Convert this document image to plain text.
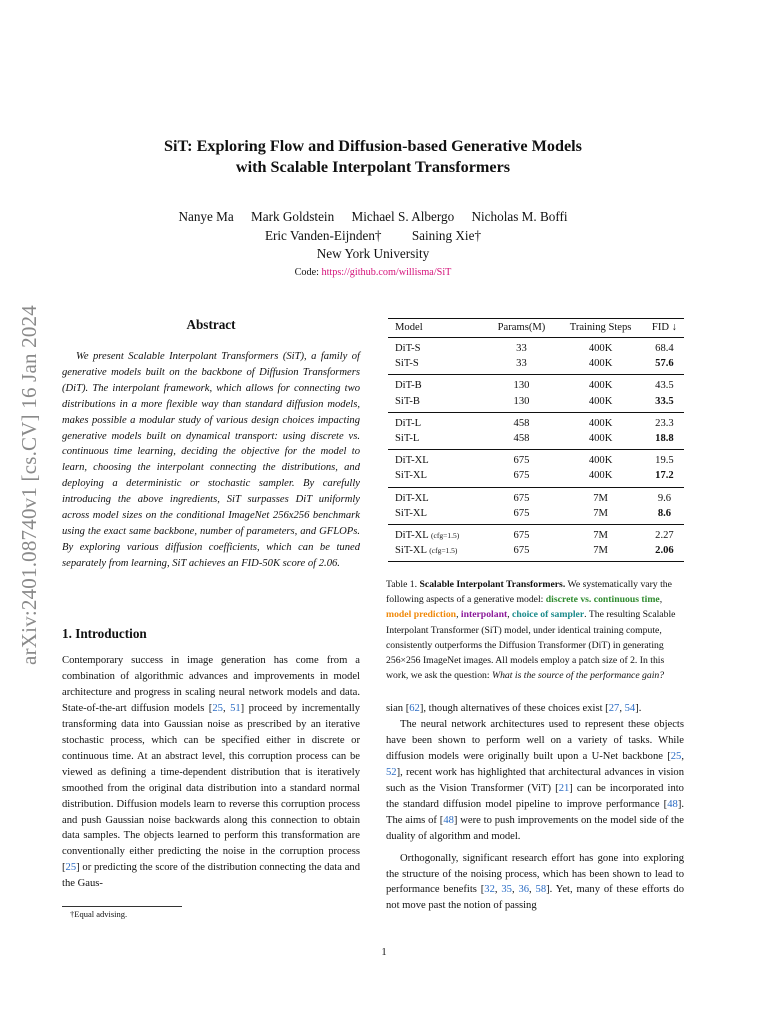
arXiv:2401.08740v1 [cs.CV] 16 Jan 2024
SiT: Exploring Flow and Diffusion-based Generative Models
with Scalable Interpolant Transformers
Nanye Ma Mark Goldstein Michael S. Albergo Nicholas M. Boffi
Eric Vanden-Eijnden† Saining Xie†
New York University
Code: https://github.com/willisma/SiT
Abstract
We present Scalable Interpolant Transformers (SiT), a family of generative models built on the backbone of Diffusion Transformers (DiT). The interpolant framework, which allows for connecting two distributions in a more flexible way than standard diffusion models, makes possible a modular study of various design choices impacting generative models built on dynamical transport: using discrete vs. continuous time learning, deciding the objective for the model to learn, choosing the interpolant connecting the distributions, and deploying a deterministic or stochastic sampler. By carefully introducing the above ingredients, SiT surpasses DiT uniformly across model sizes on the conditional ImageNet 256x256 benchmark using the exact same backbone, number of parameters, and GFLOPs. By exploring various diffusion coefficients, which can be tuned separately from learning, SiT achieves an FID-50K score of 2.06.
1. Introduction

Contemporary success in image generation has come from a combination of algorithmic advances and improvements in model architecture and progress in scaling neural network models and data. State-of-the-art diffusion models [25, 51] proceed by incrementally transforming data into Gaussian noise as prescribed by an iterative stochastic process, which can be specified either in discrete or continuous time. At an abstract level, this corruption process can be viewed as defining a time-dependent distribution that is iteratively smoothed from the original data distribution into a standard normal distribution. Diffusion models learn to reverse this corruption process and push Gaussian noise backwards along this connection to obtain data samples. The objects learned to perform this transformation are conventionally either predicting the noise in the corruption process [25] or predicting the score of the distribution connecting the data and the Gaus-

†Equal advising.
Model	Params(M)	Training Steps	FID ↓
DiT-S	33	400K	68.4
SiT-S	33	400K	57.6
DiT-B	130	400K	43.5
SiT-B	130	400K	33.5
DiT-L	458	400K	23.3
SiT-L	458	400K	18.8
DiT-XL	675	400K	19.5
SiT-XL	675	400K	17.2
DiT-XL	675	7M	9.6
SiT-XL	675	7M	8.6
DiT-XL (cfg=1.5)	675	7M	2.27
SiT-XL (cfg=1.5)	675	7M	2.06
Table 1. Scalable Interpolant Transformers. We systematically vary the following aspects of a generative model: discrete vs. continuous time, model prediction, interpolant, choice of sampler. The resulting Scalable Interpolant Transformer (SiT) model, under identical training compute, consistently outperforms the Diffusion Transformer (DiT) in generating 256×256 ImageNet images. All models employ a patch size of 2. In this work, we ask the question: What is the source of the performance gain?

sian [62], though alternatives of these choices exist [27, 54].

The neural network architectures used to represent these objects have been shown to perform well on a variety of tasks. While diffusion models were originally built upon a U-Net backbone [25, 52], recent work has highlighted that architectural advances in vision such as the Vision Transformer (ViT) [21] can be incorporated into the standard diffusion model pipeline to improve performance [48]. The aims of [48] were to push improvements on the model side of the duality of algorithm and model.

Orthogonally, significant research effort has gone into exploring the structure of the noising process, which has been shown to lead to performance benefits [32, 35, 36, 58]. Yet, many of these efforts do not move past the notion of passing

1
